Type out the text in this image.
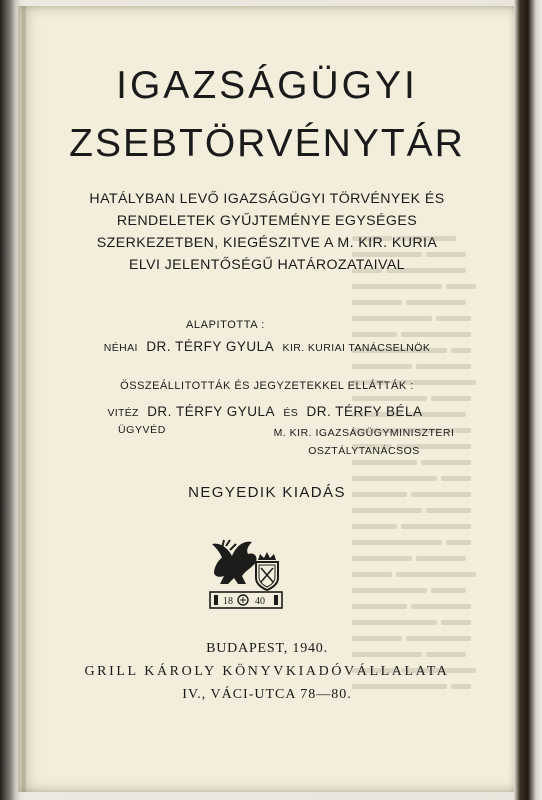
IGAZSÁGÜGYI
ZSEBTÖRVÉNYTÁR
HATÁLYBAN LEVŐ IGAZSÁGÜGYI TÖRVÉNYEK ÉS
RENDELETEK GYŰJTEMÉNYE EGYSÉGES
SZERKEZETBEN, KIEGÉSZITVE A M. KIR. KURIA
ELVI JELENTŐSÉGŰ HATÁROZATAIVAL
ALAPITOTTA :
NÉHAI DR. TÉRFY GYULA KIR. KURIAI TANÁCSELNÖK
ÖSSZEÁLLITOTTÁK ÉS JEGYZETEKKEL ELLÁTTÁK :
VITÉZ DR. TÉRFY GYULA ÉS DR. TÉRFY BÉLA
ÜGYVÉD	M. KIR. IGAZSÁGÜGYMINISZTERI
OSZTÁLYTANÁCSOS
NEGYEDIK KIADÁS
18 40
BUDAPEST, 1940.
GRILL KÁROLY KÖNYVKIADÓVÁLLALATA
IV., VÁCI-UTCA 78—80.
